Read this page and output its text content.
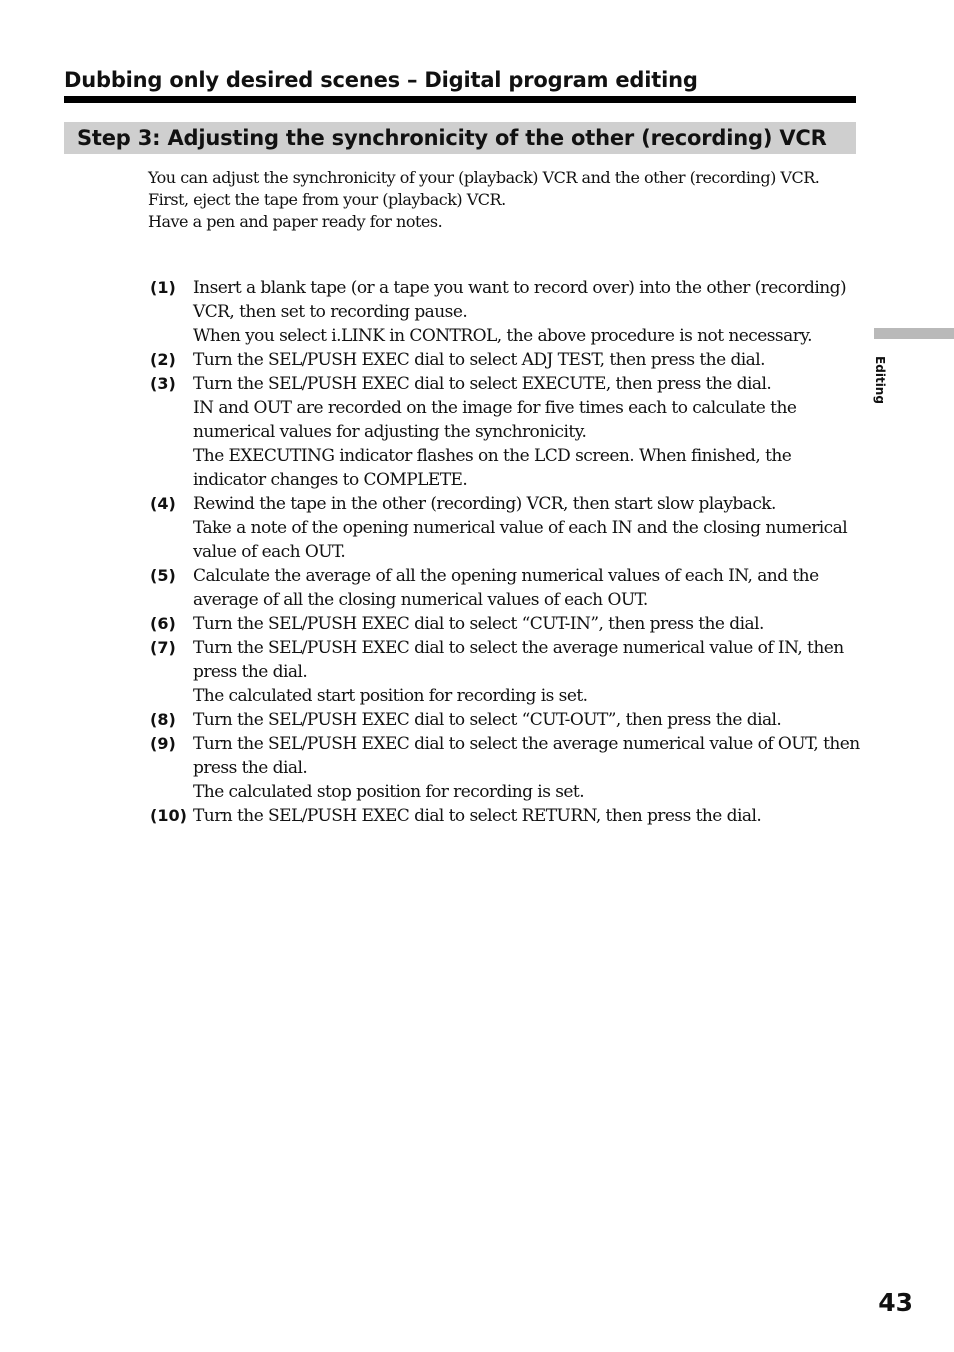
Dubbing only desired scenes – Digital program editing
Step 3: Adjusting the synchronicity of the other (recording) VCR

You can adjust the synchronicity of your (playback) VCR and the other (recording) VCR.

First, eject the tape from your (playback) VCR.

Have a pen and paper ready for notes.

(1)	Insert a blank tape (or a tape you want to record over) into the other (recording) VCR, then set to recording pause.
When you select i.LINK in CONTROL, the above procedure is not necessary.
(2)	Turn the SEL/PUSH EXEC dial to select ADJ TEST, then press the dial.
(3)	Turn the SEL/PUSH EXEC dial to select EXECUTE, then press the dial.
IN and OUT are recorded on the image for five times each to calculate the numerical values for adjusting the synchronicity.
The EXECUTING indicator flashes on the LCD screen. When finished, the indicator changes to COMPLETE.
(4)	Rewind the tape in the other (recording) VCR, then start slow playback.
Take a note of the opening numerical value of each IN and the closing numerical value of each OUT.
(5)	Calculate the average of all the opening numerical values of each IN, and the average of all the closing numerical values of each OUT.
(6)	Turn the SEL/PUSH EXEC dial to select “CUT-IN”, then press the dial.
(7)	Turn the SEL/PUSH EXEC dial to select the average numerical value of IN, then press the dial.
The calculated start position for recording is set.
(8)	Turn the SEL/PUSH EXEC dial to select “CUT-OUT”, then press the dial.
(9)	Turn the SEL/PUSH EXEC dial to select the average numerical value of OUT, then press the dial.
The calculated stop position for recording is set.
(10) Turn the SEL/PUSH EXEC dial to select RETURN, then press the dial.
Editing
43
